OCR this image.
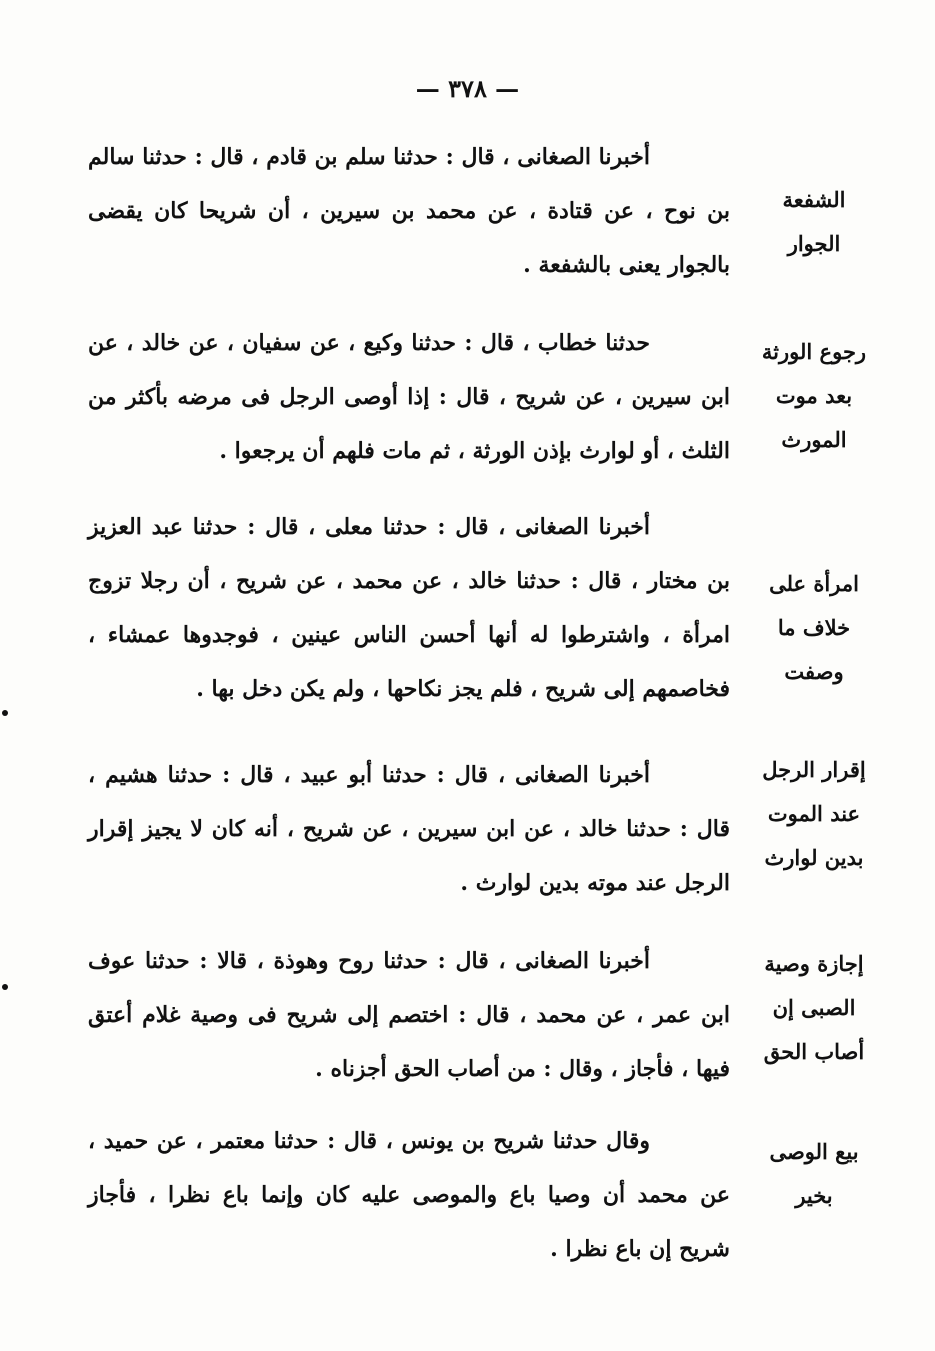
— ٣٧٨ —
الشفعة الجوار

أخبرنا الصغانى ، قال : حدثنا سلم بن قادم ، قال : حدثنا سالم بن نوح ، عن قتادة ، عن محمد بن سيرين ، أن شريحا كان يقضى بالجوار يعنى بالشفعة .

رجوع الورثة بعد موت المورث

حدثنا خطاب ، قال : حدثنا وكيع ، عن سفيان ، عن خالد ، عن ابن سيرين ، عن شريح ، قال : إذا أوصى الرجل فى مرضه بأكثر من الثلث ، أو لوارث بإذن الورثة ، ثم مات فلهم أن يرجعوا .

امرأة على خلاف ما وصفت

أخبرنا الصغانى ، قال : حدثنا معلى ، قال : حدثنا عبد العزيز بن مختار ، قال : حدثنا خالد ، عن محمد ، عن شريح ، أن رجلا تزوج امرأة ، واشترطوا له أنها أحسن الناس عينين ، فوجدوها عمشاء ، فخاصمهم إلى شريح ، فلم يجز نكاحها ، ولم يكن دخل بها .

إقرار الرجل عند الموت بدين لوارث

أخبرنا الصغانى ، قال : حدثنا أبو عبيد ، قال : حدثنا هشيم ، قال : حدثنا خالد ، عن ابن سيرين ، عن شريح ، أنه كان لا يجيز إقرار الرجل عند موته بدين لوارث .

إجازة وصية الصبى إن أصاب الحق

أخبرنا الصغانى ، قال : حدثنا روح وهوذة ، قالا : حدثنا عوف ابن عمر ، عن محمد ، قال : اختصم إلى شريح فى وصية غلام أعتق فيها ، فأجاز ، وقال : من أصاب الحق أجزناه .

بيع الوصى بخير

وقال حدثنا شريح بن يونس ، قال : حدثنا معتمر ، عن حميد ، عن محمد أن وصيا باع والموصى عليه كان وإنما باع نظرا ، فأجاز شريح إن باع نظرا .
